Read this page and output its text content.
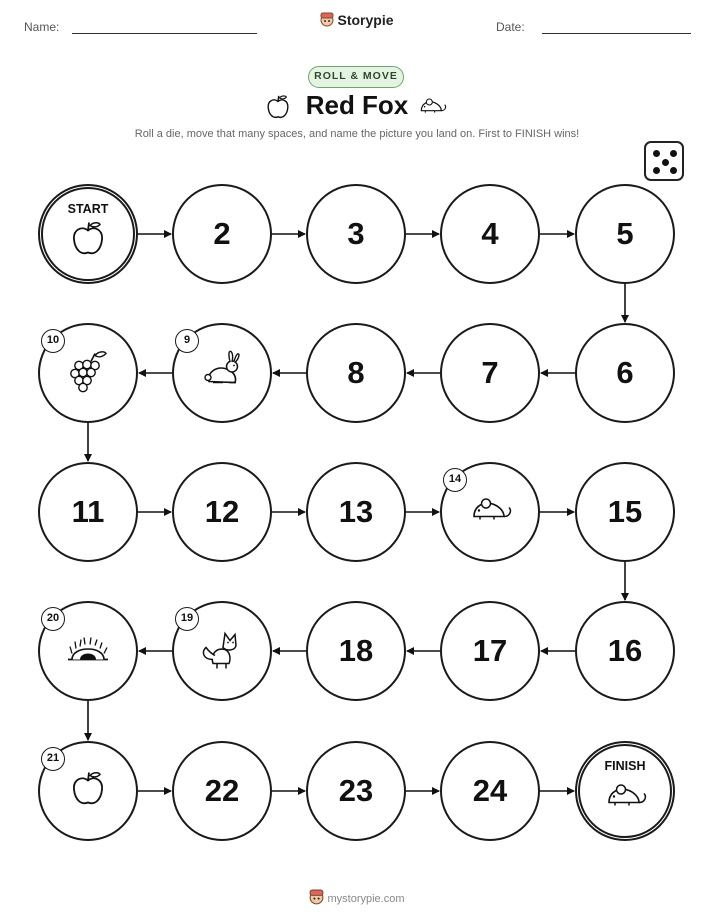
Name:	Storypie	Date:
ROLL & MOVE
Red Fox
Roll a die, move that many spaces, and name the picture you land on. First to FINISH wins!
START
2	3	4	5
6
7
8
9
10
11	12	13
14
15
16
17
18
19
20
21
22	23	24
FINISH
mystorypie.com
